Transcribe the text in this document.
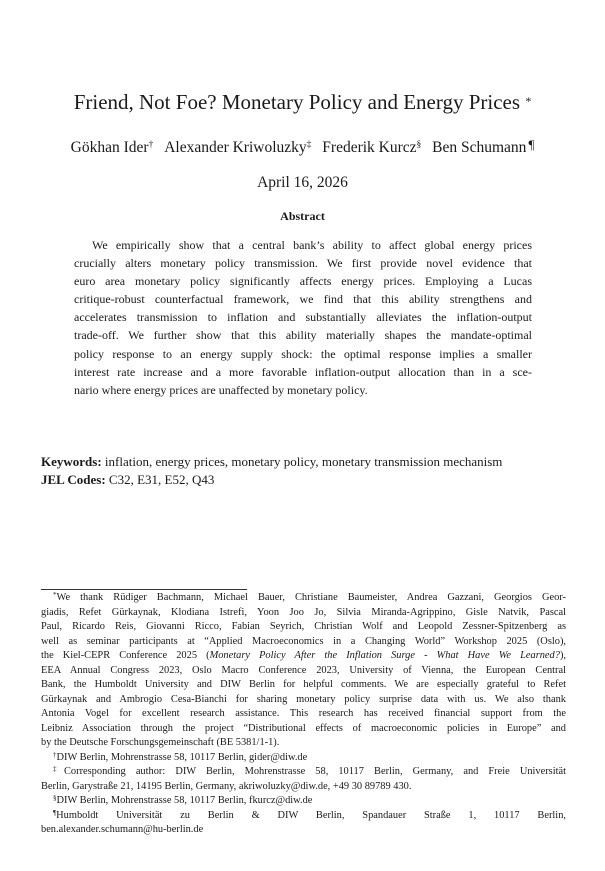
Friend, Not Foe? Monetary Policy and Energy Prices *
Gökhan Ider† Alexander Kriwoluzky‡ Frederik Kurcz§ Ben Schumann ¶
April 16, 2026
Abstract
We empirically show that a central bank’s ability to affect global energy prices
crucially alters monetary policy transmission. We first provide novel evidence that
euro area monetary policy significantly affects energy prices. Employing a Lucas
critique-robust counterfactual framework, we find that this ability strengthens and
accelerates transmission to inflation and substantially alleviates the inflation-output
trade-off. We further show that this ability materially shapes the mandate-optimal
policy response to an energy supply shock: the optimal response implies a smaller
interest rate increase and a more favorable inflation-output allocation than in a sce-
nario where energy prices are unaffected by monetary policy.
Keywords: inflation, energy prices, monetary policy, monetary transmission mechanism
JEL Codes: C32, E31, E52, Q43
*We thank Rüdiger Bachmann, Michael Bauer, Christiane Baumeister, Andrea Gazzani, Georgios Geor-
giadis, Refet Gürkaynak, Klodiana Istrefi, Yoon Joo Jo, Silvia Miranda-Agrippino, Gisle Natvik, Pascal
Paul, Ricardo Reis, Giovanni Ricco, Fabian Seyrich, Christian Wolf and Leopold Zessner-Spitzenberg as
well as seminar participants at “Applied Macroeconomics in a Changing World” Workshop 2025 (Oslo),
the Kiel-CEPR Conference 2025 (Monetary Policy After the Inflation Surge - What Have We Learned?),
EEA Annual Congress 2023, Oslo Macro Conference 2023, University of Vienna, the European Central
Bank, the Humboldt University and DIW Berlin for helpful comments. We are especially grateful to Refet
Gürkaynak and Ambrogio Cesa-Bianchi for sharing monetary policy surprise data with us. We also thank
Antonia Vogel for excellent research assistance. This research has received financial support from the
Leibniz Association through the project “Distributional effects of macroeconomic policies in Europe” and
by the Deutsche Forschungsgemeinschaft (BE 5381/1-1).
†DIW Berlin, Mohrenstrasse 58, 10117 Berlin, gider@diw.de
‡Corresponding author: DIW Berlin, Mohrenstrasse 58, 10117 Berlin, Germany, and Freie Universität
Berlin, Garystraße 21, 14195 Berlin, Germany, akriwoluzky@diw.de, +49 30 89789 430.
§DIW Berlin, Mohrenstrasse 58, 10117 Berlin, fkurcz@diw.de
¶Humboldt Universität zu Berlin & DIW Berlin, Spandauer Straße 1, 10117 Berlin,
ben.alexander.schumann@hu-berlin.de
